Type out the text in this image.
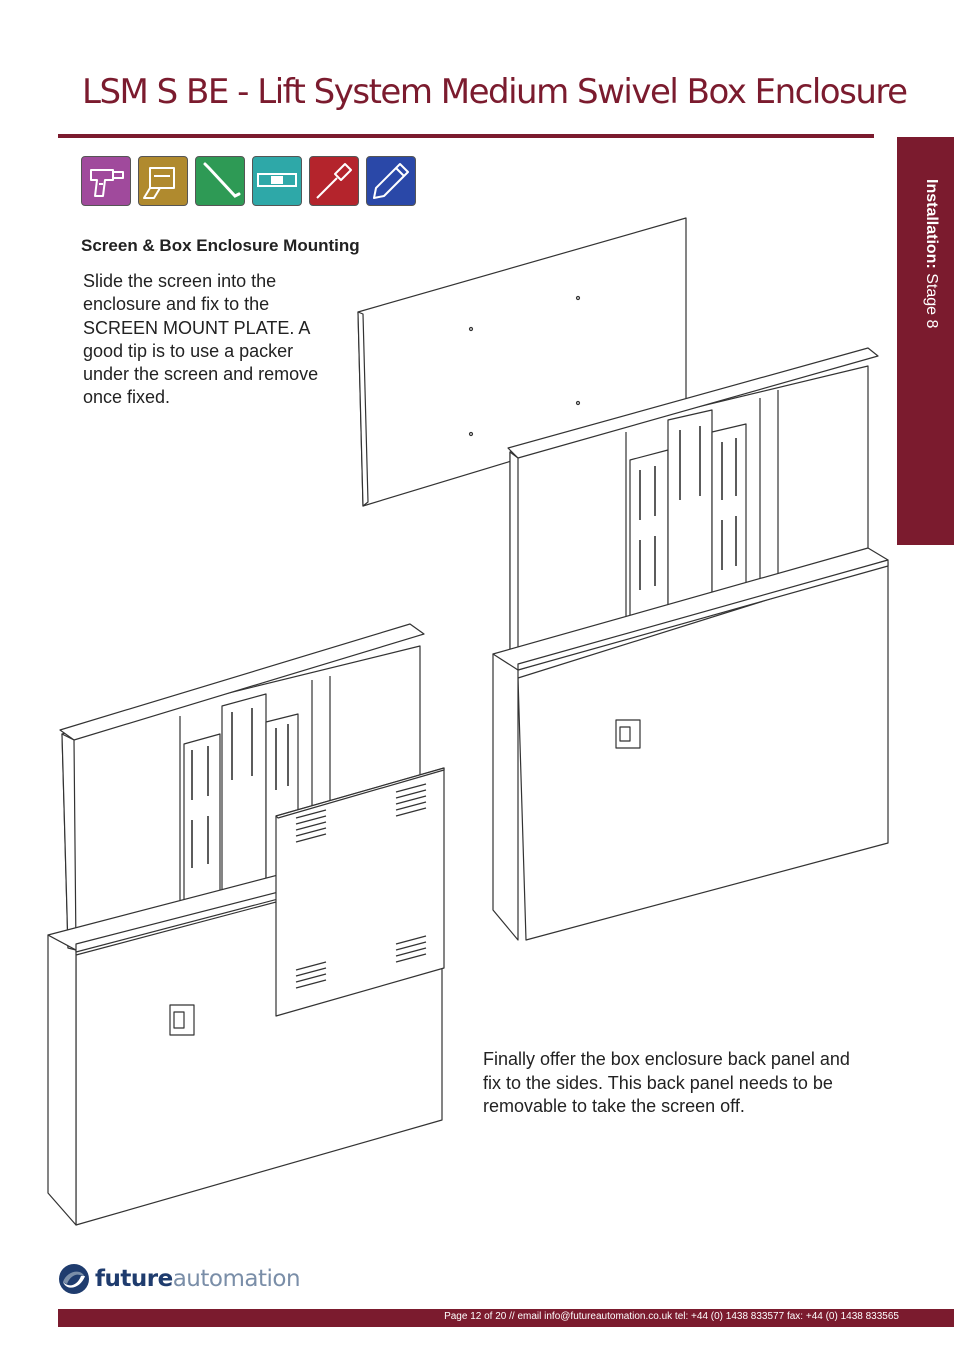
LSM S BE - Lift System Medium Swivel Box Enclosure
Installation: Stage 8
Screen & Box Enclosure Mounting

Slide the screen into the enclosure and fix to the SCREEN MOUNT PLATE. A good tip is to use a packer under the screen and remove once fixed.

Finally offer the box enclosure back panel and fix to the sides. This back panel needs to be removable to take the screen off.

futureautomation
Page 12 of 20 // email info@futureautomation.co.uk tel: +44 (0) 1438 833577 fax: +44 (0) 1438 833565
